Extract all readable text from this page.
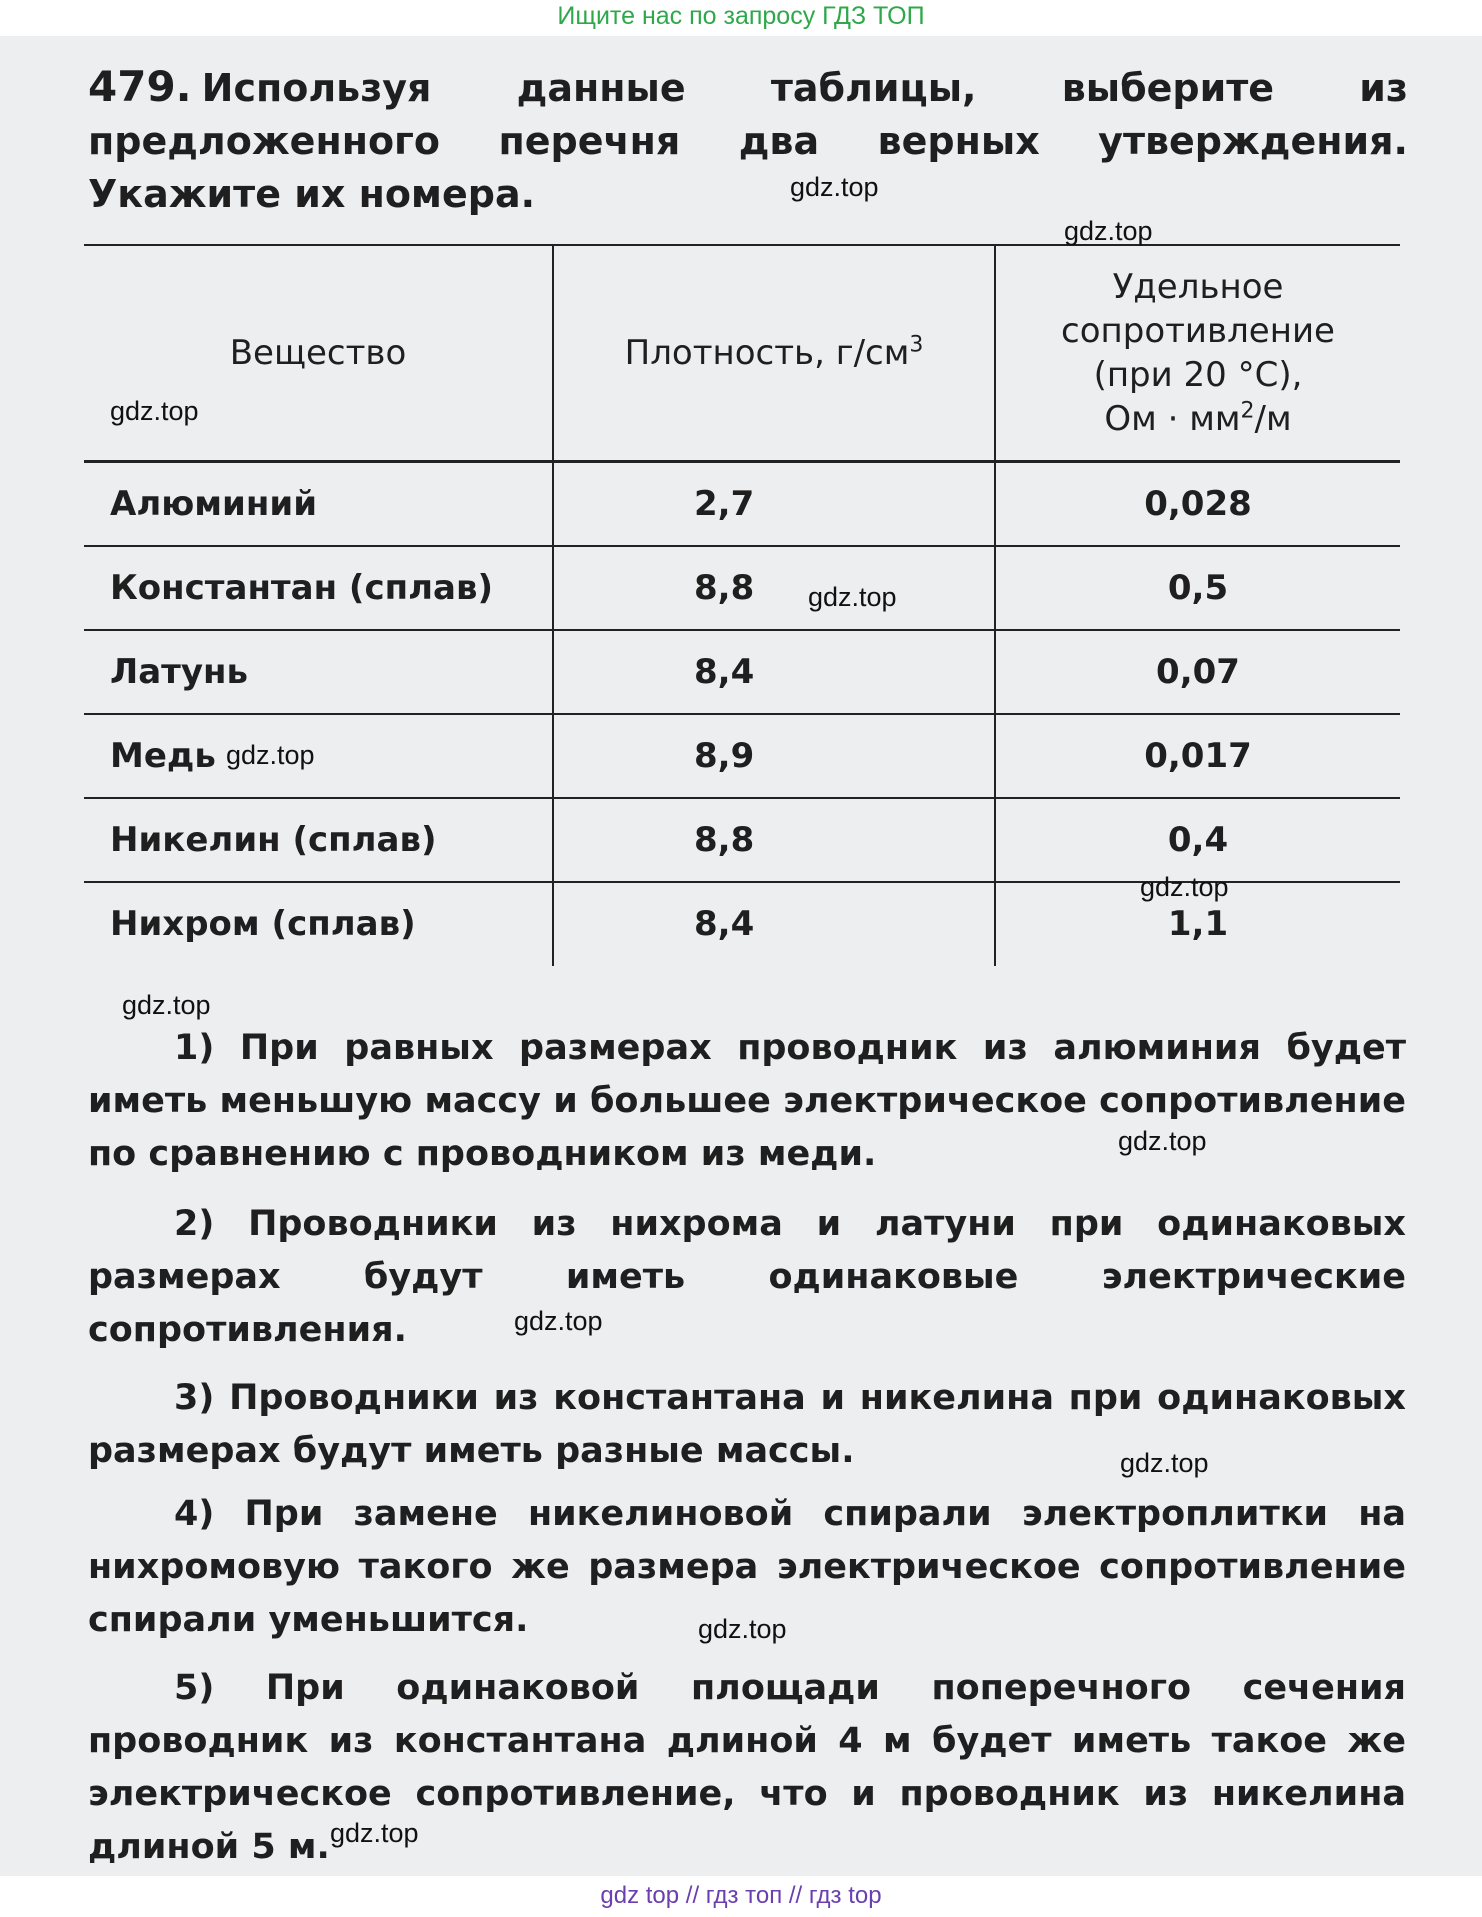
Ищите нас по запросу ГДЗ ТОП
479. Используя данные таблицы, выберите из предложенного перечня два верных утверждения. Укажите их номера.
Вещество	Плотность, $г/см^3$	Удельное
сопротивление
(при 20 °С),
Ом · $мм^2/м$

Алюминий	2,7	0,028
Константан (сплав)	8,8	0,5
Латунь	8,4	0,07
Медь	8,9	0,017
Никелин (сплав)	8,8	0,4
Нихром (сплав)	8,4	1,1
1) При равных размерах проводник из алюминия будет иметь меньшую массу и большее электрическое сопротивление по сравнению с проводником из меди.
2) Проводники из нихрома и латуни при одинаковых размерах будут иметь одинаковые электрические сопротивления.
3) Проводники из константана и никелина при одинаковых размерах будут иметь разные массы.
4) При замене никелиновой спирали электроплитки на нихромовую такого же размера электрическое сопротивление спирали уменьшится.
5) При одинаковой площади поперечного сечения проводник из константана длиной 4 м будет иметь такое же электрическое сопротивление, что и проводник из никелина длиной 5 м.
gdz.top
gdz.top
gdz.top
gdz.top
gdz.top
gdz.top
gdz.top
gdz.top
gdz.top
gdz.top
gdz.top
gdz.top
gdz top // гдз топ // гдз top
